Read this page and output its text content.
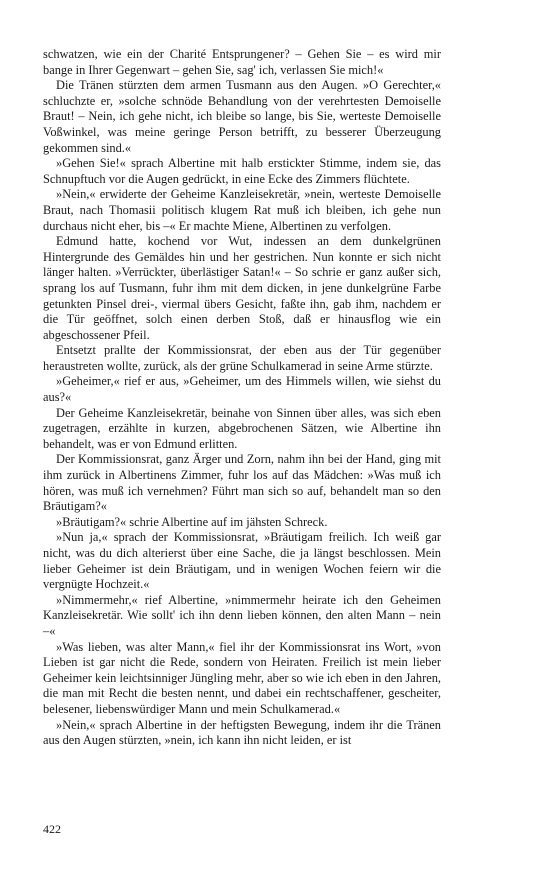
schwatzen, wie ein der Charité Entsprungener? – Gehen Sie – es wird mir bange in Ihrer Gegenwart – gehen Sie, sag' ich, verlassen Sie mich!«

Die Tränen stürzten dem armen Tusmann aus den Augen. »O Gerechter,« schluchzte er, »solche schnöde Behandlung von der verehrtesten Demoiselle Braut! – Nein, ich gehe nicht, ich bleibe so lange, bis Sie, werteste Demoiselle Voßwinkel, was meine geringe Person betrifft, zu besserer Überzeugung gekommen sind.«

»Gehen Sie!« sprach Albertine mit halb erstickter Stimme, indem sie, das Schnupftuch vor die Augen gedrückt, in eine Ecke des Zimmers flüchtete.

»Nein,« erwiderte der Geheime Kanzleisekretär, »nein, werteste Demoiselle Braut, nach Thomasii politisch klugem Rat muß ich bleiben, ich gehe nun durchaus nicht eher, bis –« Er machte Miene, Albertinen zu verfolgen.

Edmund hatte, kochend vor Wut, indessen an dem dunkelgrünen Hintergrunde des Gemäldes hin und her gestrichen. Nun konnte er sich nicht länger halten. »Verrückter, überlästiger Satan!« – So schrie er ganz außer sich, sprang los auf Tusmann, fuhr ihm mit dem dicken, in jene dunkelgrüne Farbe getunkten Pinsel drei-, viermal übers Gesicht, faßte ihn, gab ihm, nachdem er die Tür geöffnet, solch einen derben Stoß, daß er hinausflog wie ein abgeschossener Pfeil.

Entsetzt prallte der Kommissionsrat, der eben aus der Tür gegenüber heraustreten wollte, zurück, als der grüne Schulkamerad in seine Arme stürzte.

»Geheimer,« rief er aus, »Geheimer, um des Himmels willen, wie siehst du aus?«

Der Geheime Kanzleisekretär, beinahe von Sinnen über alles, was sich eben zugetragen, erzählte in kurzen, abgebrochenen Sätzen, wie Albertine ihn behandelt, was er von Edmund erlitten.

Der Kommissionsrat, ganz Ärger und Zorn, nahm ihn bei der Hand, ging mit ihm zurück in Albertinens Zimmer, fuhr los auf das Mädchen: »Was muß ich hören, was muß ich vernehmen? Führt man sich so auf, behandelt man so den Bräutigam?«

»Bräutigam?« schrie Albertine auf im jähsten Schreck.

»Nun ja,« sprach der Kommissionsrat, »Bräutigam freilich. Ich weiß gar nicht, was du dich alterierst über eine Sache, die ja längst beschlossen. Mein lieber Geheimer ist dein Bräutigam, und in wenigen Wochen feiern wir die vergnügte Hochzeit.«

»Nimmermehr,« rief Albertine, »nimmermehr heirate ich den Geheimen Kanzleisekretär. Wie sollt' ich ihn denn lieben können, den alten Mann – nein –«

»Was lieben, was alter Mann,« fiel ihr der Kommissionsrat ins Wort, »von Lieben ist gar nicht die Rede, sondern von Heiraten. Freilich ist mein lieber Geheimer kein leichtsinniger Jüngling mehr, aber so wie ich eben in den Jahren, die man mit Recht die besten nennt, und dabei ein rechtschaffener, gescheiter, belesener, liebenswürdiger Mann und mein Schulkamerad.«

»Nein,« sprach Albertine in der heftigsten Bewegung, indem ihr die Tränen aus den Augen stürzten, »nein, ich kann ihn nicht leiden, er ist

422
